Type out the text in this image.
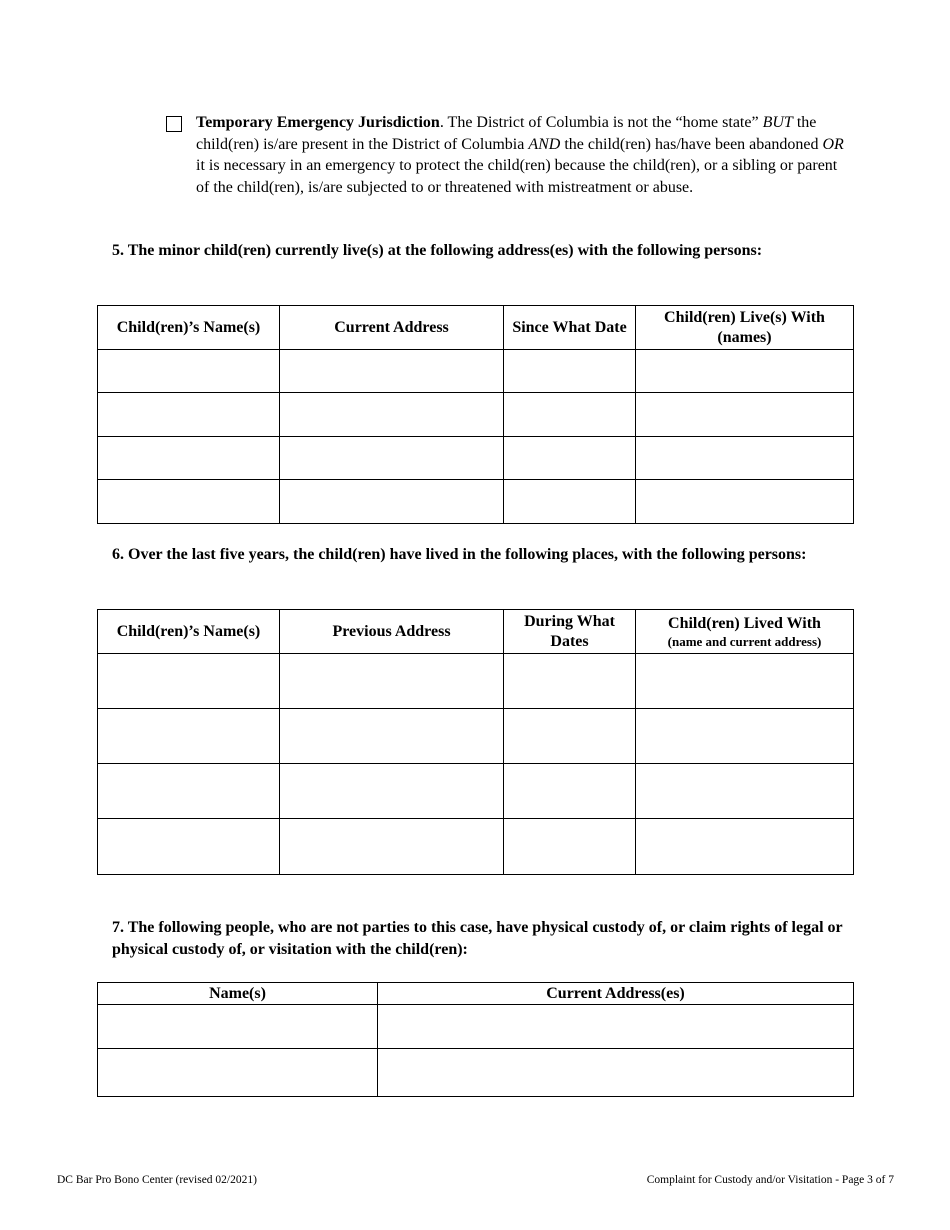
Temporary Emergency Jurisdiction. The District of Columbia is not the “home state” BUT the child(ren) is/are present in the District of Columbia AND the child(ren) has/have been abandoned OR it is necessary in an emergency to protect the child(ren) because the child(ren), or a sibling or parent of the child(ren), is/are subjected to or threatened with mistreatment or abuse.
5. The minor child(ren) currently live(s) at the following address(es) with the following persons:
Child(ren)’s Name(s)	Current Address	Since What Date	Child(ren) Live(s) With (names)

6. Over the last five years, the child(ren) have lived in the following places, with the following persons:
Child(ren)’s Name(s)	Previous Address	During What Dates	Child(ren) Lived With
(name and current address)

7. The following people, who are not parties to this case, have physical custody of, or claim rights of legal or physical custody of, or visitation with the child(ren):
Name(s)	Current Address(es)

DC Bar Pro Bono Center (revised 02/2021)	Complaint for Custody and/or Visitation - Page 3 of 7
